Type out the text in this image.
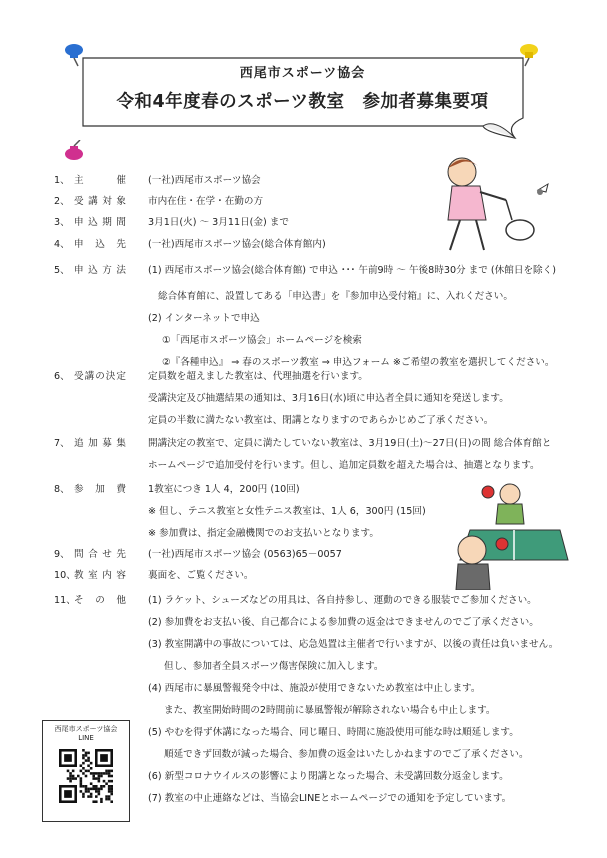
西尾市スポーツ協会
令和4年度春のスポーツ教室　参加者募集要項
1、 主	催 (一社)西尾市スポーツ協会
2、 受 講 対 象 市内在住・在学・在勤の方
3、 申 込 期 間 3月1日(火) ～ 3月11日(金) まで
4、 申 込 先 (一社)西尾市スポーツ協会(総合体育館内)
5、 申 込 方 法 (1) 西尾市スポーツ協会(総合体育館) で申込 ･･･ 午前9時 ～ 午後8時30分 まで (休館日を除く)
総合体育館に、設置してある「申込書」を『参加申込受付箱』に、入れください。
(2) インターネットで申込
①「西尾市スポーツ協会」ホームページを検索
②『各種申込』 ⇒ 春のスポーツ教室 ⇒ 申込フォーム ※ご希望の教室を選択してください。
6、 受 講 の 決 定 定員数を超えました教室は、代理抽選を行います。
受講決定及び抽選結果の通知は、3月16日(水)頃に申込者全員に通知を発送します。
定員の半数に満たない教室は、閉講となりますのであらかじめご了承ください。
7、 追 加 募 集 開講決定の教室で、定員に満たしていない教室は、3月19日(土)～27日(日)の間 総合体育館と
ホームページで追加受付を行います。但し、追加定員数を超えた場合は、抽選となります。
8、 参 加 費 1教室につき 1人 4，200円 (10回)
※ 但し、テニス教室と女性テニス教室は、1人 6，300円 (15回)
※ 参加費は、指定金融機関でのお支払いとなります。
9、 問 合 せ 先 (一社)西尾市スポーツ協会 (0563)65－0057
10、
教 室 内 容 裏面を、ご覧ください。
11、
そ の 他 (1) ラケット、シューズなどの用具は、各自持参し、運動のできる服装でご参加ください。
(2) 参加費をお支払い後、自己都合による参加費の返金はできませんのでご了承ください。
(3) 教室開講中の事故については、応急処置は主催者で行いますが、以後の責任は負いません。
但し、参加者全員スポーツ傷害保険に加入します。
(4) 西尾市に暴風警報発令中は、施設が使用できないため教室は中止します。
また、教室開始時間の2時間前に暴風警報が解除されない場合も中止します。
(5) やむを得ず休講になった場合、同じ曜日、時間に施設使用可能な時は順延します。
順延できず回数が減った場合、参加費の返金はいたしかねますのでご了承ください。
(6) 新型コロナウイルスの影響により閉講となった場合、未受講回数分返金します。
(7) 教室の中止連絡などは、当協会LINEとホームページでの通知を予定しています。
西尾市スポーツ協会
LINE
